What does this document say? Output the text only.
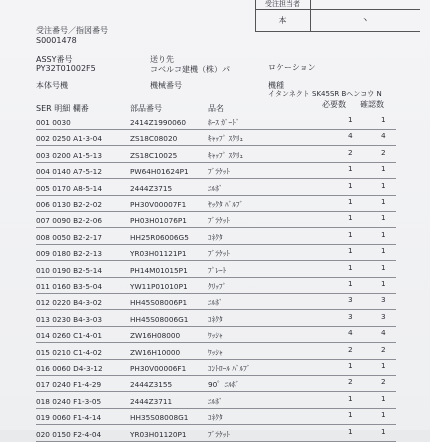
受注担当者
本	丶
受注番号／指図番号
S0001478
ASSY番号
PY32T01002F5
送り先
コベルコ建機（株）パ	ロケーション
本体号機	機械番号	機種
イタンネクト SK45SR Bヘンコウ N
SER 明細 欄番	部品番号	品名	必要数 確認数
001 0030	2414Z1990060	ﾎｰｽ ｶﾞｰﾄﾞ	1	1
002 0250 A1-3-04	ZS18C08020	ｷｬｯﾌﾟ ｽｸﾘｭ	4	4
003 0200 A1-5-13	ZS18C10025	ｷｬｯﾌﾟ ｽｸﾘｭ	2	2
004 0140 A7-5-12	PW64H01624P1	ﾌﾞﾗｹｯﾄ	1	1
005 0170 A8-5-14	2444Z3715	ﾆﾙﾎﾞ	1	1
006 0130 B2-2-02	PH30V00007F1	ﾔｯｸﾀ ﾊﾞﾙﾌﾞ	1	1
007 0090 B2-2-06	PH03H01076P1	ﾌﾞﾗｹｯﾄ	1	1
008 0050 B2-2-17	HH25R06006G5	ｺﾈｸﾀ	1	1
009 0180 B2-2-13	YR03H01121P1	ﾌﾞﾗｹｯﾄ	1	1
010 0190 B2-5-14	PH14M01015P1	ﾌﾟﾚｰﾄ	1	1
011 0160 B3-5-04	YW11P01010P1	ｸﾘｯﾌﾟ	1	1
012 0220 B4-3-02	HH45S08006P1	ﾆﾙﾎﾞ	3	3
013 0230 B4-3-03	HH45S08006G1	ｺﾈｸﾀ	3	3
014 0260 C1-4-01	ZW16H08000	ﾜｯｼｬ	4	4
015 0210 C1-4-02	ZW16H10000	ﾜｯｼｬ	2	2
016 0060 D4-3-12	PH30V00006F1	ｺﾝﾄﾛｰﾙ ﾊﾞﾙﾌﾞ	1	1
017 0240 F1-4-29	2444Z3155	90゜ﾆﾙﾎﾞ	2	2
018 0240 F1-3-05	2444Z3711	ﾆﾙﾎﾞ	1	1
019 0060 F1-4-14	HH35S08008G1	ｺﾈｸﾀ	1	1
020 0150 F2-4-04	YR03H01120P1	ﾌﾞﾗｹｯﾄ	1	1
